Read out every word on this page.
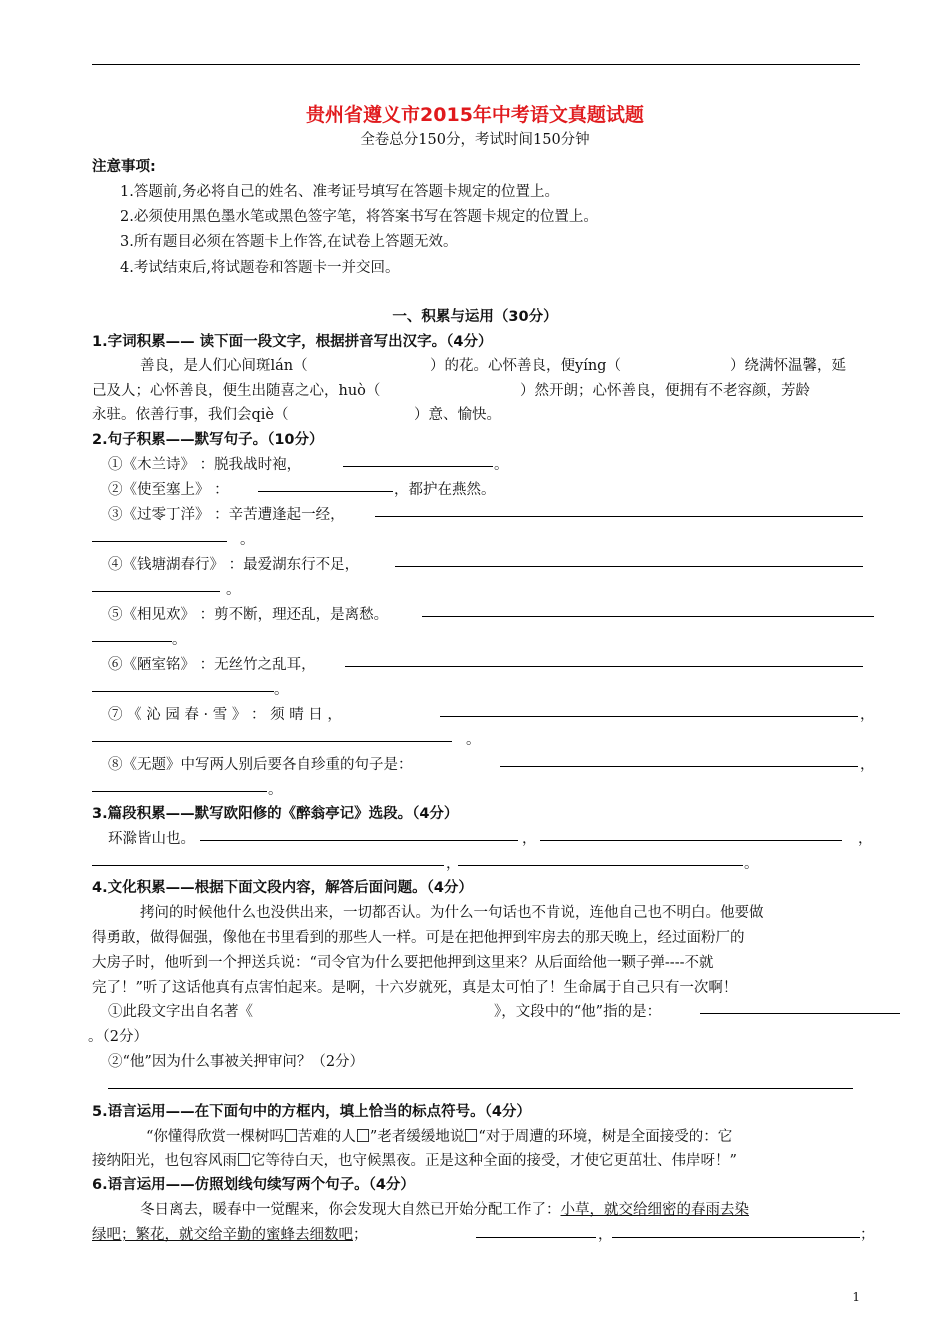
贵州省遵义市2015年中考语文真题试题
全卷总分150分，考试时间150分钟
注意事项:
1.答题前,务必将自己的姓名、准考证号填写在答题卡规定的位置上。
2.必须使用黑色墨水笔或黑色签字笔，将答案书写在答题卡规定的位置上。
3.所有题目必须在答题卡上作答,在试卷上答题无效。
4.考试结束后,将试题卷和答题卡一并交回。
一、积累与运用（30分）
1.字词积累—— 读下面一段文字，根据拼音写出汉字。（4分）
善良，是人们心间斑lán（	）的花。心怀善良，便yíng（	）绕满怀温馨，延
己及人；心怀善良，便生出随喜之心，huò（	）然开朗；心怀善良，便拥有不老容颜，芳龄
永驻。依善行事，我们会qiè（	）意、愉快。
2.句子积累——默写句子。（10分）
①《木兰诗》 ：脱我战时袍，	。
②《使至塞上》 ：	，都护在燕然。
③《过零丁洋》 ：辛苦遭逢起一经，
。
④《钱塘湖春行》 ：最爱湖东行不足，
。
⑤《相见欢》 ：剪不断，理还乱，是离愁。
。
⑥《陋室铭》 ：无丝竹之乱耳，
。
⑦ 《 沁 园 春 · 雪 》 ： 须 晴 日 ，	，
。
⑧《无题》中写两人别后要各自珍重的句子是：	，
。
3.篇段积累——默写欧阳修的《醉翁亭记》选段。（4分）
环滁皆山也。	，	，
，	。
4.文化积累——根据下面文段内容，解答后面问题。（4分）
拷问的时候他什么也没供出来，一切都否认。为什么一句话也不肯说，连他自己也不明白。他要做
得勇敢，做得倔强，像他在书里看到的那些人一样。可是在把他押到牢房去的那天晚上，经过面粉厂的
大房子时，他听到一个押送兵说：“司令官为什么要把他押到这里来？从后面给他一颗子弹----不就
完了！”听了这话他真有点害怕起来。是啊，十六岁就死，真是太可怕了！生命属于自己只有一次啊！
①此段文字出自名著《	》，文段中的“他”指的是：
。（2分）
②“他”因为什么事被关押审问？（2分）
5.语言运用——在下面句中的方框内，填上恰当的标点符号。（4分）
“你懂得欣赏一棵树吗 苦难的人 ”老者缓缓地说 “对于周遭的环境，树是全面接受的：它
接纳阳光，也包容风雨 它等待白天，也守候黑夜。正是这种全面的接受，才使它更茁壮、伟岸呀！”
6.语言运用——仿照划线句续写两个句子。（4分）
冬日离去，暖春中一觉醒来，你会发现大自然已开始分配工作了：小草，就交给细密的春雨去染
绿吧；繁花，就交给辛勤的蜜蜂去细数吧；	，	；
1
